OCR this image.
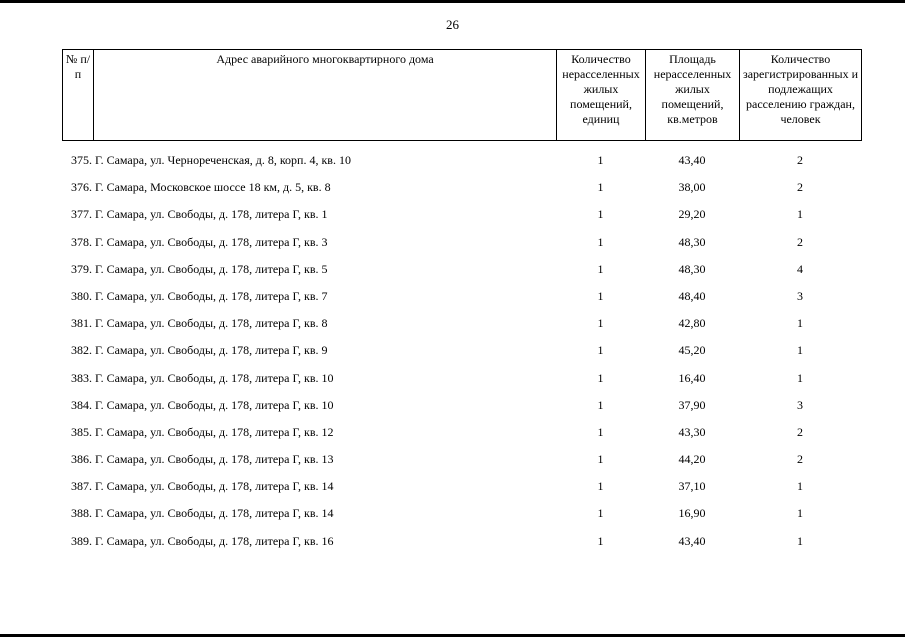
26
№ п/п	Адрес аварийного многоквартирного дома	Количество нерасселенных жилых помещений, единиц	Площадь нерасселенных жилых помещений, кв.метров	Количество зарегистрированных и подлежащих расселению граждан, человек
375. Г. Самара, ул. Чернореченская, д. 8, корп. 4, кв. 10	1	43,40	2
376. Г. Самара, Московское шоссе 18 км, д. 5, кв. 8	1	38,00	2
377. Г. Самара, ул. Свободы, д. 178, литера Г, кв. 1	1	29,20	1
378. Г. Самара, ул. Свободы, д. 178, литера Г, кв. 3	1	48,30	2
379. Г. Самара, ул. Свободы, д. 178, литера Г, кв. 5	1	48,30	4
380. Г. Самара, ул. Свободы, д. 178, литера Г, кв. 7	1	48,40	3
381. Г. Самара, ул. Свободы, д. 178, литера Г, кв. 8	1	42,80	1
382. Г. Самара, ул. Свободы, д. 178, литера Г, кв. 9	1	45,20	1
383. Г. Самара, ул. Свободы, д. 178, литера Г, кв. 10	1	16,40	1
384. Г. Самара, ул. Свободы, д. 178, литера Г, кв. 10	1	37,90	3
385. Г. Самара, ул. Свободы, д. 178, литера Г, кв. 12	1	43,30	2
386. Г. Самара, ул. Свободы, д. 178, литера Г, кв. 13	1	44,20	2
387. Г. Самара, ул. Свободы, д. 178, литера Г, кв. 14	1	37,10	1
388. Г. Самара, ул. Свободы, д. 178, литера Г, кв. 14	1	16,90	1
389. Г. Самара, ул. Свободы, д. 178, литера Г, кв. 16	1	43,40	1
